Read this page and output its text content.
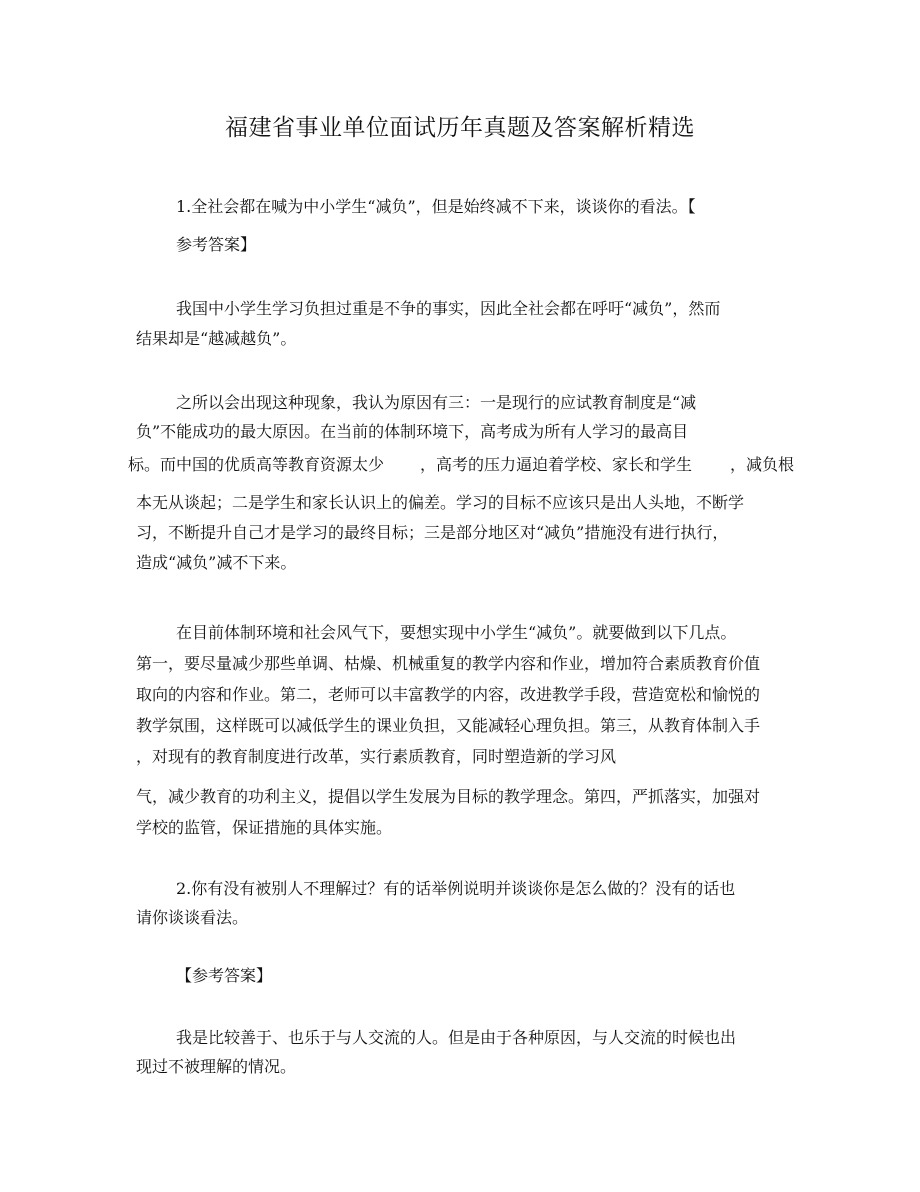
福建省事业单位面试历年真题及答案解析精选
1.全社会都在喊为中小学生“减负”，但是始终减不下来，谈谈你的看法。【
参考答案】
我国中小学生学习负担过重是不争的事实，因此全社会都在呼吁“减负”，然而
结果却是“越减越负”。
之所以会出现这种现象，我认为原因有三：一是现行的应试教育制度是“减
负”不能成功的最大原因。在当前的体制环境下，高考成为所有人学习的最高目
标。而中国的优质高等教育资源太少 ，高考的压力逼迫着学校、家长和学生 ，减负根
本无从谈起；二是学生和家长认识上的偏差。学习的目标不应该只是出人头地，不断学
习，不断提升自己才是学习的最终目标；三是部分地区对“减负”措施没有进行执行，
造成“减负”减不下来。
在目前体制环境和社会风气下，要想实现中小学生“减负”。就要做到以下几点。
第一，要尽量减少那些单调、枯燥、机械重复的教学内容和作业，增加符合素质教育价值
取向的内容和作业。第二，老师可以丰富教学的内容，改进教学手段，营造宽松和愉悦的
教学氛围，这样既可以减低学生的课业负担，又能减轻心理负担。第三，从教育体制入手
，对现有的教育制度进行改革，实行素质教育，同时塑造新的学习风
气，减少教育的功利主义，提倡以学生发展为目标的教学理念。第四，严抓落实，加强对
学校的监管，保证措施的具体实施。
2.你有没有被别人不理解过？有的话举例说明并谈谈你是怎么做的？没有的话也
请你谈谈看法。
【参考答案】
我是比较善于、也乐于与人交流的人。但是由于各种原因，与人交流的时候也出
现过不被理解的情况。
